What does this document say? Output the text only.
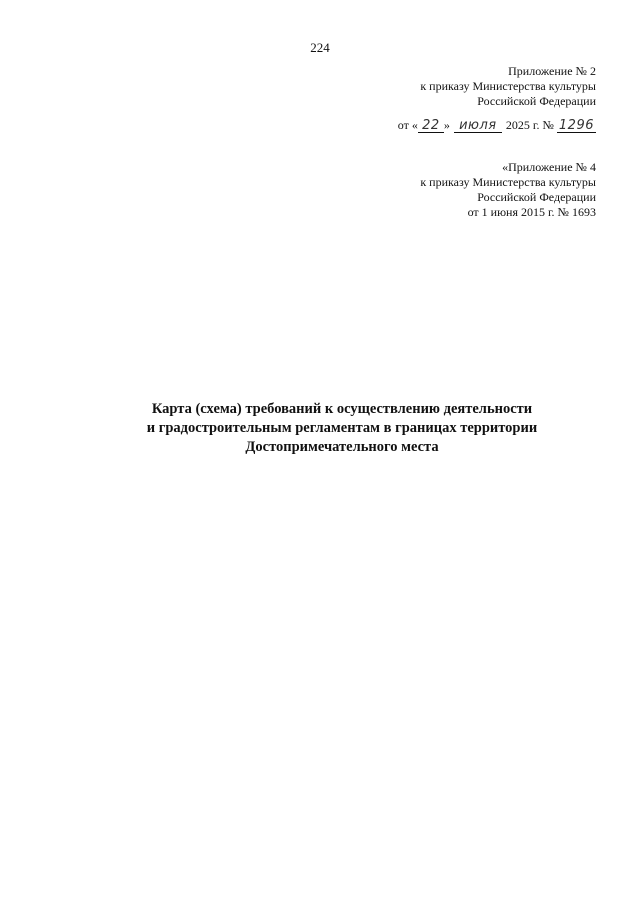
224
Приложение № 2
к приказу Министерства культуры
Российской Федерации
от « 22 » июля 2025 г. № 1296
«Приложение № 4
к приказу Министерства культуры
Российской Федерации
от 1 июня 2015 г. № 1693
Карта (схема) требований к осуществлению деятельности
и градостроительным регламентам в границах территории
Достопримечательного места
